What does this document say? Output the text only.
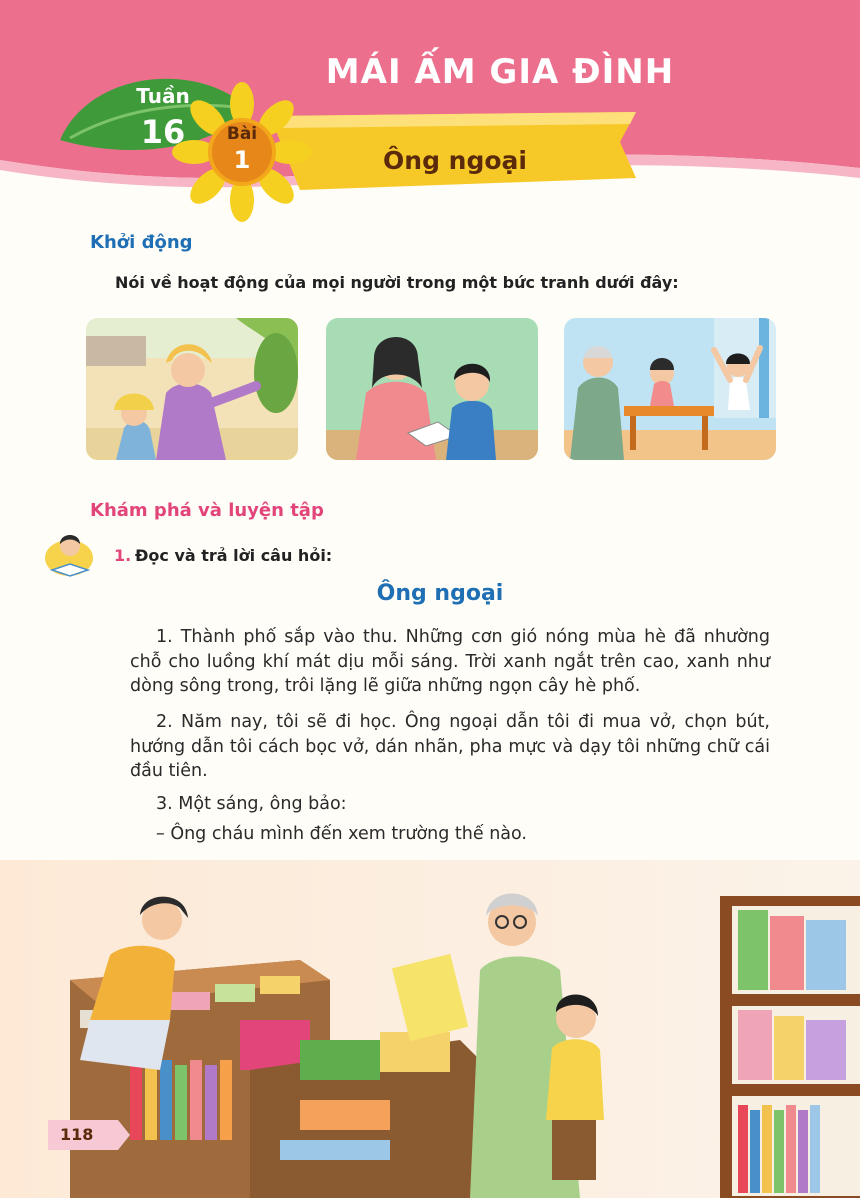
MÁI ẤM GIA ĐÌNH
Tuần
16	Bài
1	Ông ngoại
Khởi động
Nói về hoạt động của mọi người trong một bức tranh dưới đây:
Khám phá và luyện tập
1. Đọc và trả lời câu hỏi:
Ông ngoại
1. Thành phố sắp vào thu. Những cơn gió nóng mùa hè đã nhường chỗ cho luồng khí mát dịu mỗi sáng. Trời xanh ngắt trên cao, xanh như dòng sông trong, trôi lặng lẽ giữa những ngọn cây hè phố.
2. Năm nay, tôi sẽ đi học. Ông ngoại dẫn tôi đi mua vở, chọn bút, hướng dẫn tôi cách bọc vở, dán nhãn, pha mực và dạy tôi những chữ cái đầu tiên.
3. Một sáng, ông bảo:
– Ông cháu mình đến xem trường thế nào.
118
